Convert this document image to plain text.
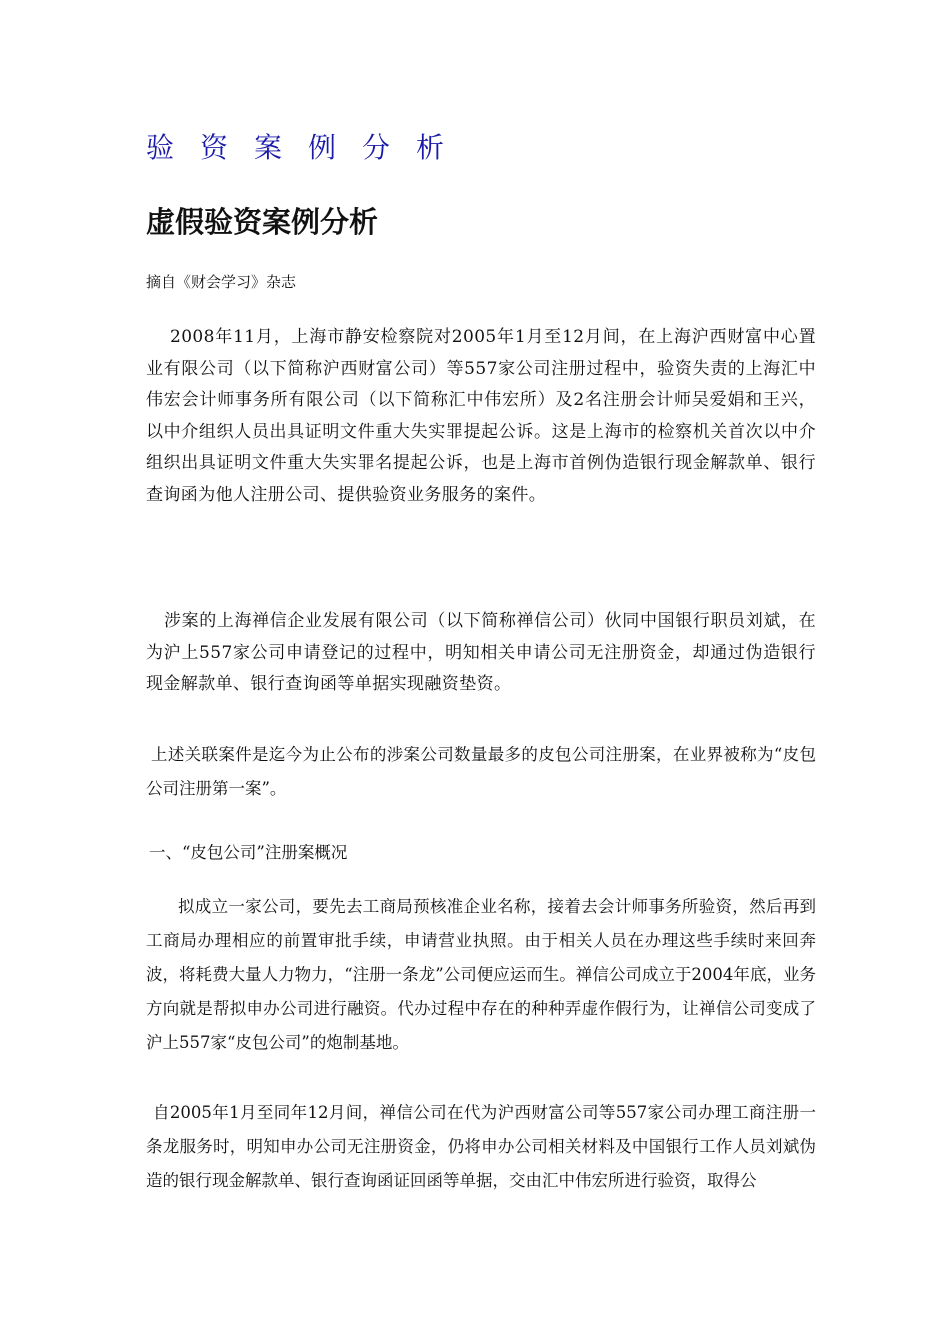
验资案例分析
虚假验资案例分析

摘自《财会学习》杂志

2008年11月，上海市静安检察院对2005年1月至12月间，在上海沪西财富中心置业有限公司（以下简称沪西财富公司）等557家公司注册过程中，验资失责的上海汇中伟宏会计师事务所有限公司（以下简称汇中伟宏所）及2名注册会计师吴爱娟和王兴，以中介组织人员出具证明文件重大失实罪提起公诉。这是上海市的检察机关首次以中介组织出具证明文件重大失实罪名提起公诉，也是上海市首例伪造银行现金解款单、银行查询函为他人注册公司、提供验资业务服务的案件。

涉案的上海禅信企业发展有限公司（以下简称禅信公司）伙同中国银行职员刘斌，在为沪上557家公司申请登记的过程中，明知相关申请公司无注册资金，却通过伪造银行现金解款单、银行查询函等单据实现融资垫资。

上述关联案件是迄今为止公布的涉案公司数量最多的皮包公司注册案，在业界被称为“皮包公司注册第一案”。

一、“皮包公司”注册案概况

拟成立一家公司，要先去工商局预核准企业名称，接着去会计师事务所验资，然后再到工商局办理相应的前置审批手续，申请营业执照。由于相关人员在办理这些手续时来回奔波，将耗费大量人力物力，“注册一条龙”公司便应运而生。禅信公司成立于2004年底，业务方向就是帮拟申办公司进行融资。代办过程中存在的种种弄虚作假行为，让禅信公司变成了沪上557家“皮包公司”的炮制基地。

自2005年1月至同年12月间，禅信公司在代为沪西财富公司等557家公司办理工商注册一条龙服务时，明知申办公司无注册资金，仍将申办公司相关材料及中国银行工作人员刘斌伪造的银行现金解款单、银行查询函证回函等单据，交由汇中伟宏所进行验资，取得公
